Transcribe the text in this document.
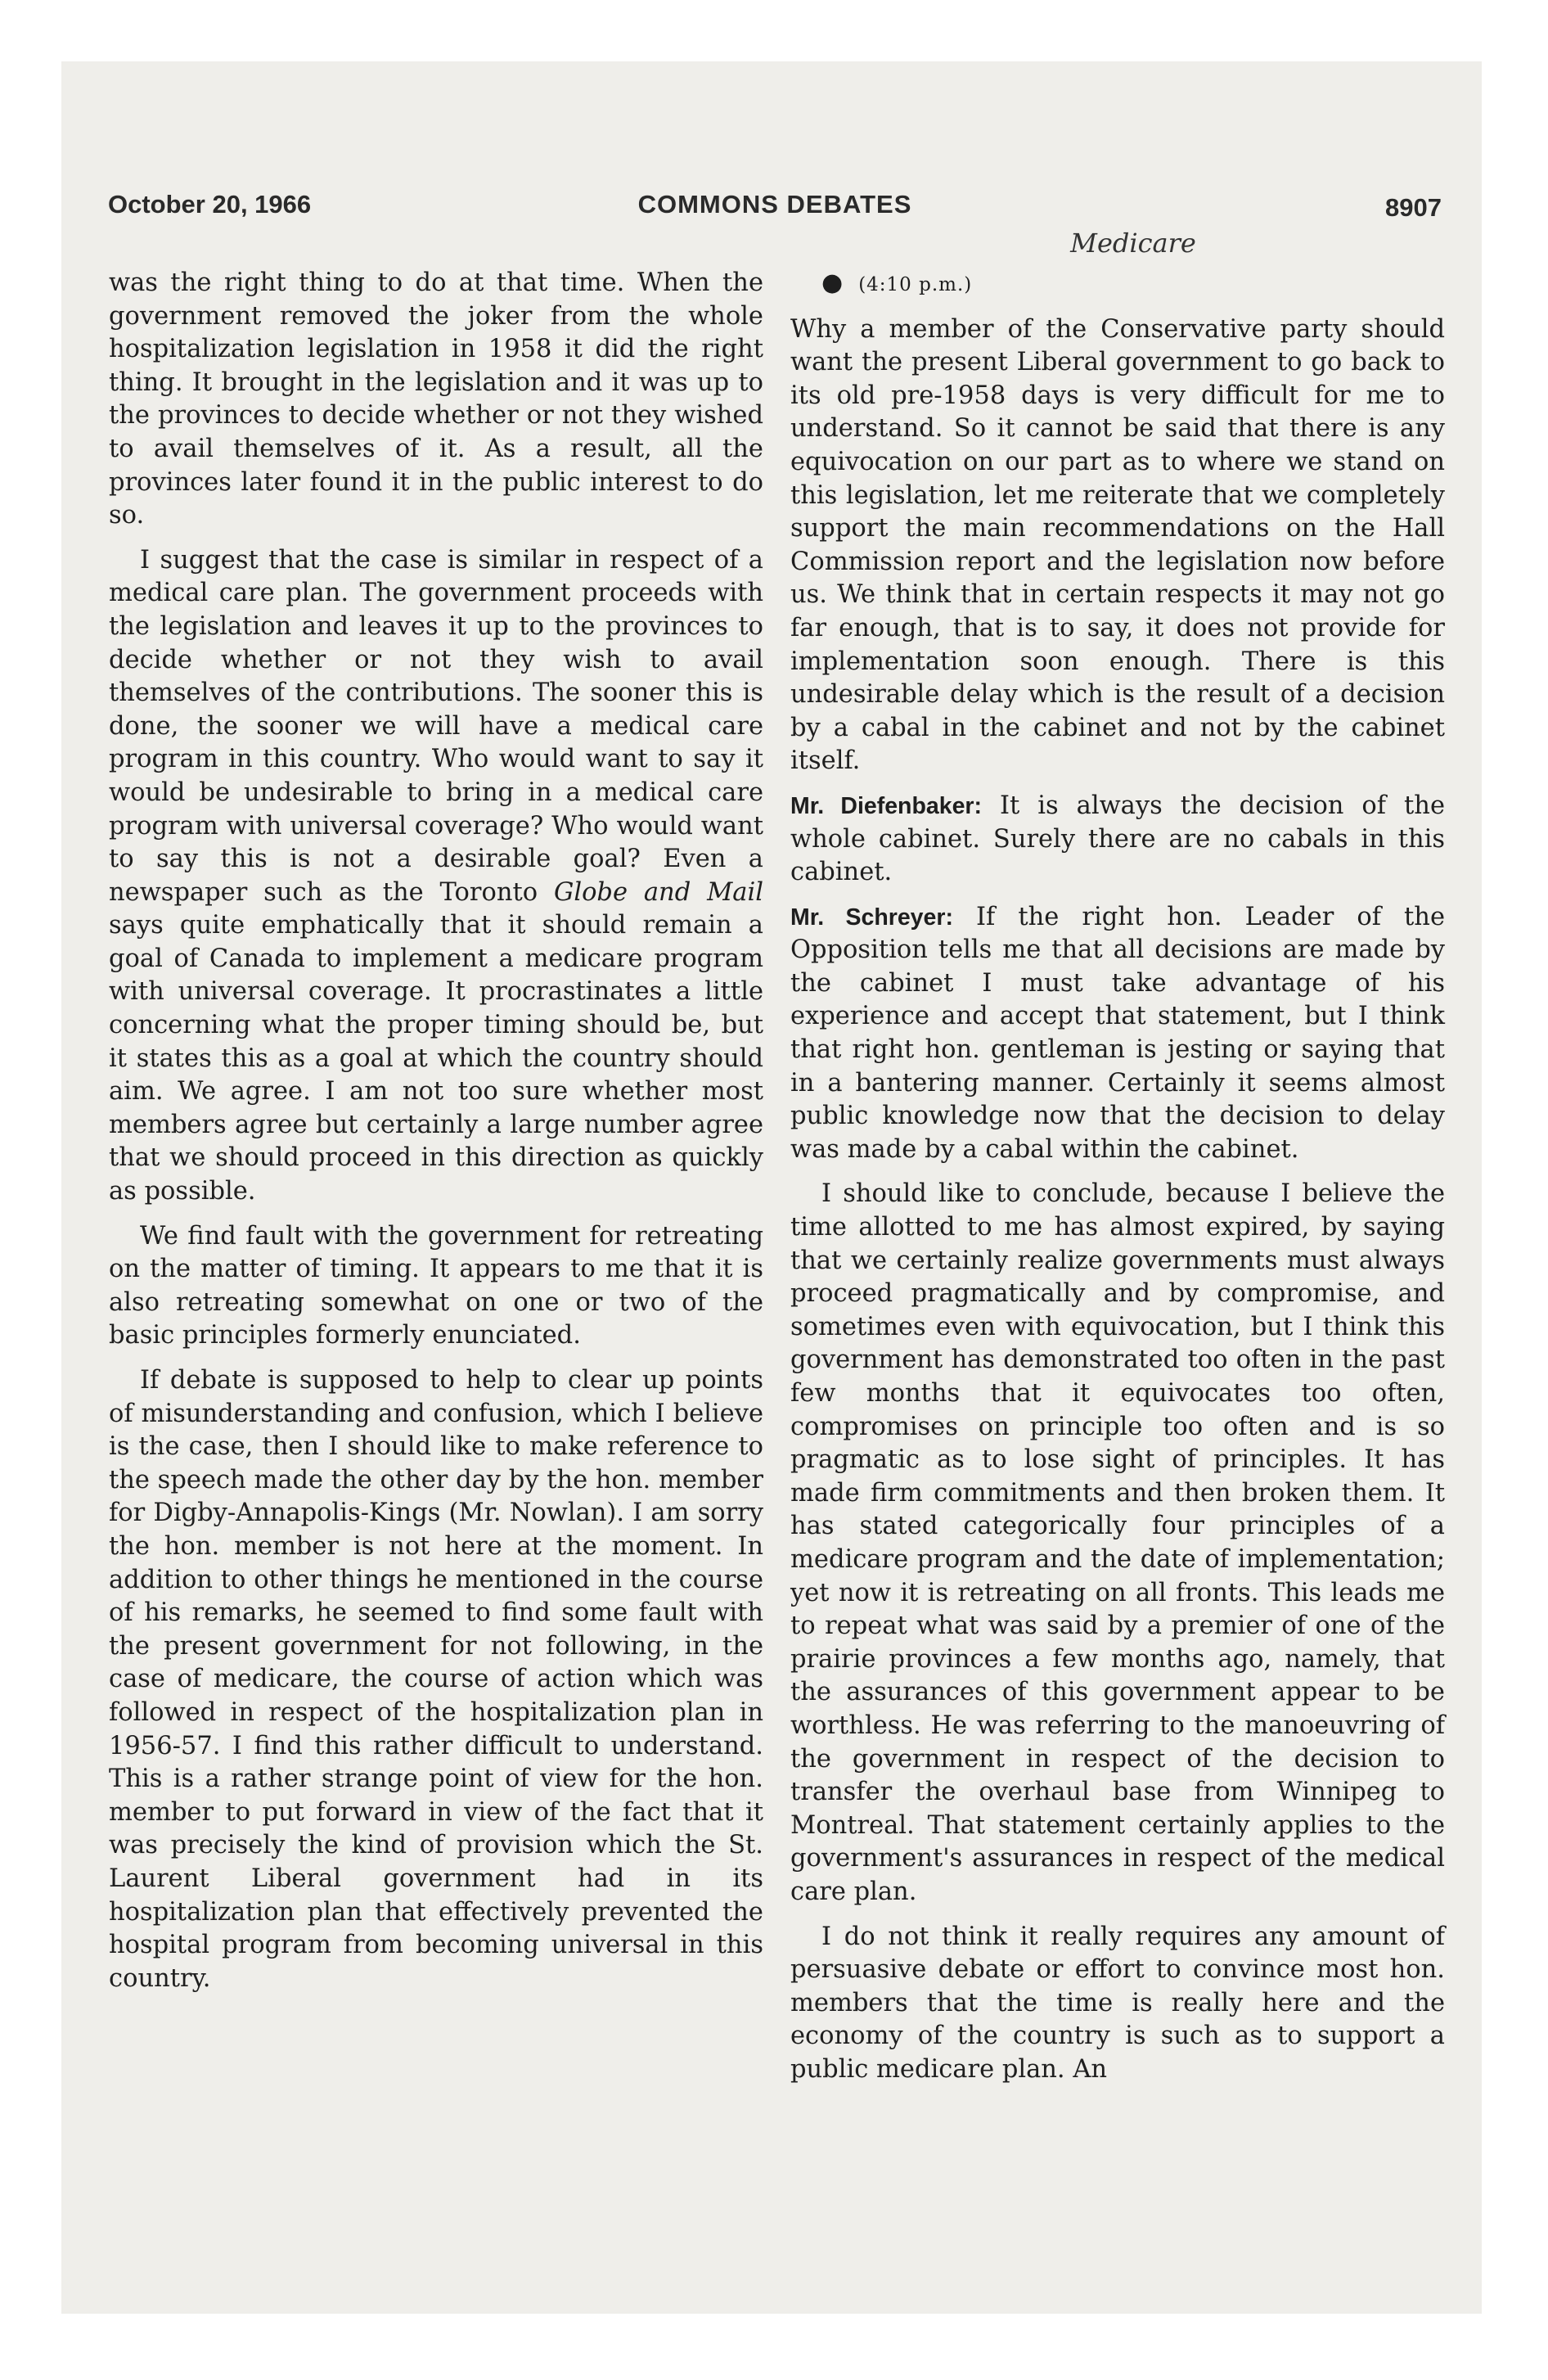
October 20, 1966	COMMONS DEBATES	8907
Medicare

was the right thing to do at that time. When the government removed the joker from the whole hospitalization legislation in 1958 it did the right thing. It brought in the legislation and it was up to the provinces to decide whether or not they wished to avail themselves of it. As a result, all the provinces later found it in the public interest to do so.

I suggest that the case is similar in respect of a medical care plan. The government proceeds with the legislation and leaves it up to the provinces to decide whether or not they wish to avail themselves of the contributions. The sooner this is done, the sooner we will have a medical care program in this country. Who would want to say it would be undesirable to bring in a medical care program with universal coverage? Who would want to say this is not a desirable goal? Even a newspaper such as the Toronto Globe and Mail says quite emphatically that it should remain a goal of Canada to implement a medicare program with universal coverage. It procrastinates a little concerning what the proper timing should be, but it states this as a goal at which the country should aim. We agree. I am not too sure whether most members agree but certainly a large number agree that we should proceed in this direction as quickly as possible.

We find fault with the government for retreating on the matter of timing. It appears to me that it is also retreating somewhat on one or two of the basic principles formerly enunciated.

If debate is supposed to help to clear up points of misunderstanding and confusion, which I believe is the case, then I should like to make reference to the speech made the other day by the hon. member for Digby-Annapolis-Kings (Mr. Nowlan). I am sorry the hon. member is not here at the moment. In addition to other things he mentioned in the course of his remarks, he seemed to find some fault with the present government for not following, in the case of medicare, the course of action which was followed in respect of the hospitalization plan in 1956-57. I find this rather difficult to understand. This is a rather strange point of view for the hon. member to put forward in view of the fact that it was precisely the kind of provision which the St. Laurent Liberal government had in its hospitalization plan that effectively prevented the hospital program from becoming universal in this country.

● (4:10 p.m.)

Why a member of the Conservative party should want the present Liberal government to go back to its old pre-1958 days is very difficult for me to understand. So it cannot be said that there is any equivocation on our part as to where we stand on this legislation, let me reiterate that we completely support the main recommendations on the Hall Commission report and the legislation now before us. We think that in certain respects it may not go far enough, that is to say, it does not provide for implementation soon enough. There is this undesirable delay which is the result of a decision by a cabal in the cabinet and not by the cabinet itself.

Mr. Diefenbaker: It is always the decision of the whole cabinet. Surely there are no cabals in this cabinet.

Mr. Schreyer: If the right hon. Leader of the Opposition tells me that all decisions are made by the cabinet I must take advantage of his experience and accept that statement, but I think that right hon. gentleman is jesting or saying that in a bantering manner. Certainly it seems almost public knowledge now that the decision to delay was made by a cabal within the cabinet.

I should like to conclude, because I believe the time allotted to me has almost expired, by saying that we certainly realize governments must always proceed pragmatically and by compromise, and sometimes even with equivocation, but I think this government has demonstrated too often in the past few months that it equivocates too often, compromises on principle too often and is so pragmatic as to lose sight of principles. It has made firm commitments and then broken them. It has stated categorically four principles of a medicare program and the date of implementation; yet now it is retreating on all fronts. This leads me to repeat what was said by a premier of one of the prairie provinces a few months ago, namely, that the assurances of this government appear to be worthless. He was referring to the manoeuvring of the government in respect of the decision to transfer the overhaul base from Winnipeg to Montreal. That statement certainly applies to the government's assurances in respect of the medical care plan.

I do not think it really requires any amount of persuasive debate or effort to convince most hon. members that the time is really here and the economy of the country is such as to support a public medicare plan. An
